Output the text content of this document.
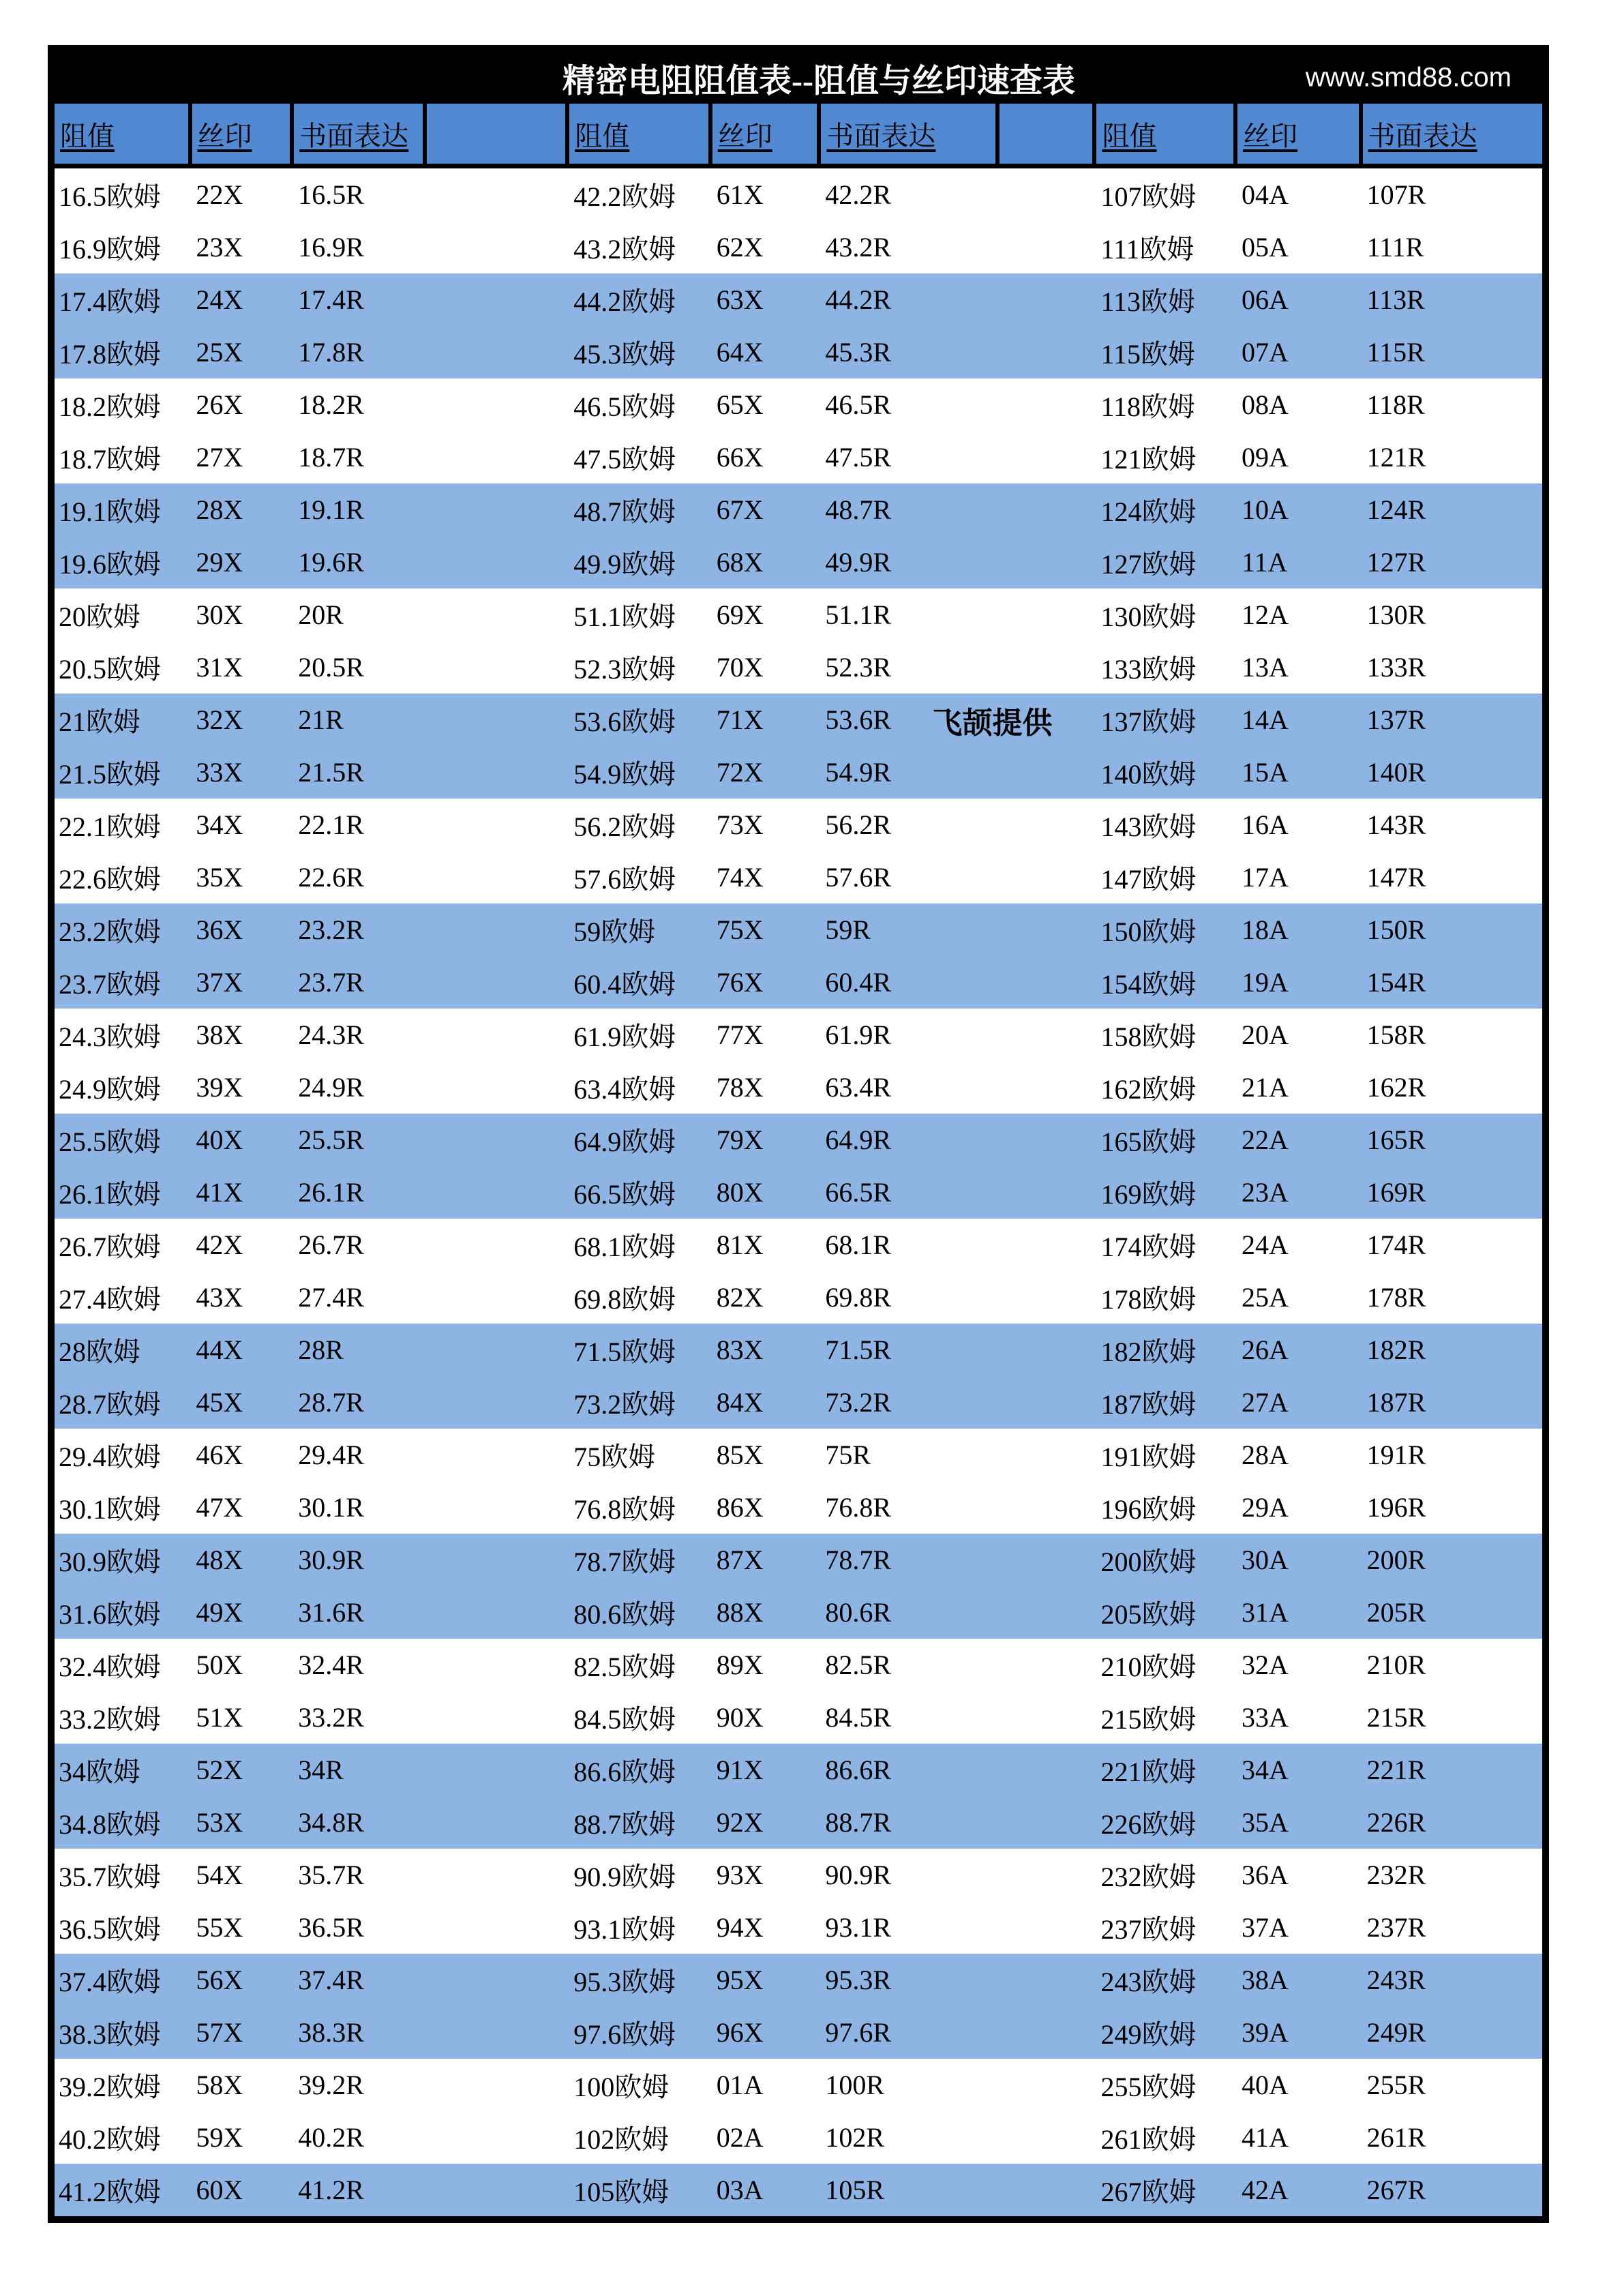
精密电阻阻值表--阻值与丝印速查表	www.smd88.com
阻值	丝印 书面表达	阻值	丝印 书面表达	阻值	丝印	书面表达
16.5欧姆	22X	16.5R	42.2欧姆	61X	42.2R	107欧姆	04A	107R
16.9欧姆	23X	16.9R	43.2欧姆	62X	43.2R	111欧姆	05A	111R
17.4欧姆	24X	17.4R	44.2欧姆	63X	44.2R	113欧姆	06A	113R
17.8欧姆	25X	17.8R	45.3欧姆	64X	45.3R	115欧姆	07A	115R
18.2欧姆	26X	18.2R	46.5欧姆	65X	46.5R	118欧姆	08A	118R
18.7欧姆	27X	18.7R	47.5欧姆	66X	47.5R	121欧姆	09A	121R
19.1欧姆	28X	19.1R	48.7欧姆	67X	48.7R	124欧姆	10A	124R
19.6欧姆	29X	19.6R	49.9欧姆	68X	49.9R	127欧姆	11A	127R
20欧姆	30X	20R	51.1欧姆	69X	51.1R	130欧姆	12A	130R
20.5欧姆	31X	20.5R	52.3欧姆	70X	52.3R	133欧姆	13A	133R
21欧姆	32X	21R	53.6欧姆	71X	53.6R	137欧姆	14A	137R
飞颉提供
21.5欧姆	33X	21.5R	54.9欧姆	72X	54.9R	140欧姆	15A	140R
22.1欧姆	34X	22.1R	56.2欧姆	73X	56.2R	143欧姆	16A	143R
22.6欧姆	35X	22.6R	57.6欧姆	74X	57.6R	147欧姆	17A	147R
23.2欧姆	36X	23.2R	59欧姆	75X	59R	150欧姆	18A	150R
23.7欧姆	37X	23.7R	60.4欧姆	76X	60.4R	154欧姆	19A	154R
24.3欧姆	38X	24.3R	61.9欧姆	77X	61.9R	158欧姆	20A	158R
24.9欧姆	39X	24.9R	63.4欧姆	78X	63.4R	162欧姆	21A	162R
25.5欧姆	40X	25.5R	64.9欧姆	79X	64.9R	165欧姆	22A	165R
26.1欧姆	41X	26.1R	66.5欧姆	80X	66.5R	169欧姆	23A	169R
26.7欧姆	42X	26.7R	68.1欧姆	81X	68.1R	174欧姆	24A	174R
27.4欧姆	43X	27.4R	69.8欧姆	82X	69.8R	178欧姆	25A	178R
28欧姆	44X	28R	71.5欧姆	83X	71.5R	182欧姆	26A	182R
28.7欧姆	45X	28.7R	73.2欧姆	84X	73.2R	187欧姆	27A	187R
29.4欧姆	46X	29.4R	75欧姆	85X	75R	191欧姆	28A	191R
30.1欧姆	47X	30.1R	76.8欧姆	86X	76.8R	196欧姆	29A	196R
30.9欧姆	48X	30.9R	78.7欧姆	87X	78.7R	200欧姆	30A	200R
31.6欧姆	49X	31.6R	80.6欧姆	88X	80.6R	205欧姆	31A	205R
32.4欧姆	50X	32.4R	82.5欧姆	89X	82.5R	210欧姆	32A	210R
33.2欧姆	51X	33.2R	84.5欧姆	90X	84.5R	215欧姆	33A	215R
34欧姆	52X	34R	86.6欧姆	91X	86.6R	221欧姆	34A	221R
34.8欧姆	53X	34.8R	88.7欧姆	92X	88.7R	226欧姆	35A	226R
35.7欧姆	54X	35.7R	90.9欧姆	93X	90.9R	232欧姆	36A	232R
36.5欧姆	55X	36.5R	93.1欧姆	94X	93.1R	237欧姆	37A	237R
37.4欧姆	56X	37.4R	95.3欧姆	95X	95.3R	243欧姆	38A	243R
38.3欧姆	57X	38.3R	97.6欧姆	96X	97.6R	249欧姆	39A	249R
39.2欧姆	58X	39.2R	100欧姆	01A	100R	255欧姆	40A	255R
40.2欧姆	59X	40.2R	102欧姆	02A	102R	261欧姆	41A	261R
41.2欧姆	60X	41.2R	105欧姆	03A	105R	267欧姆	42A	267R
